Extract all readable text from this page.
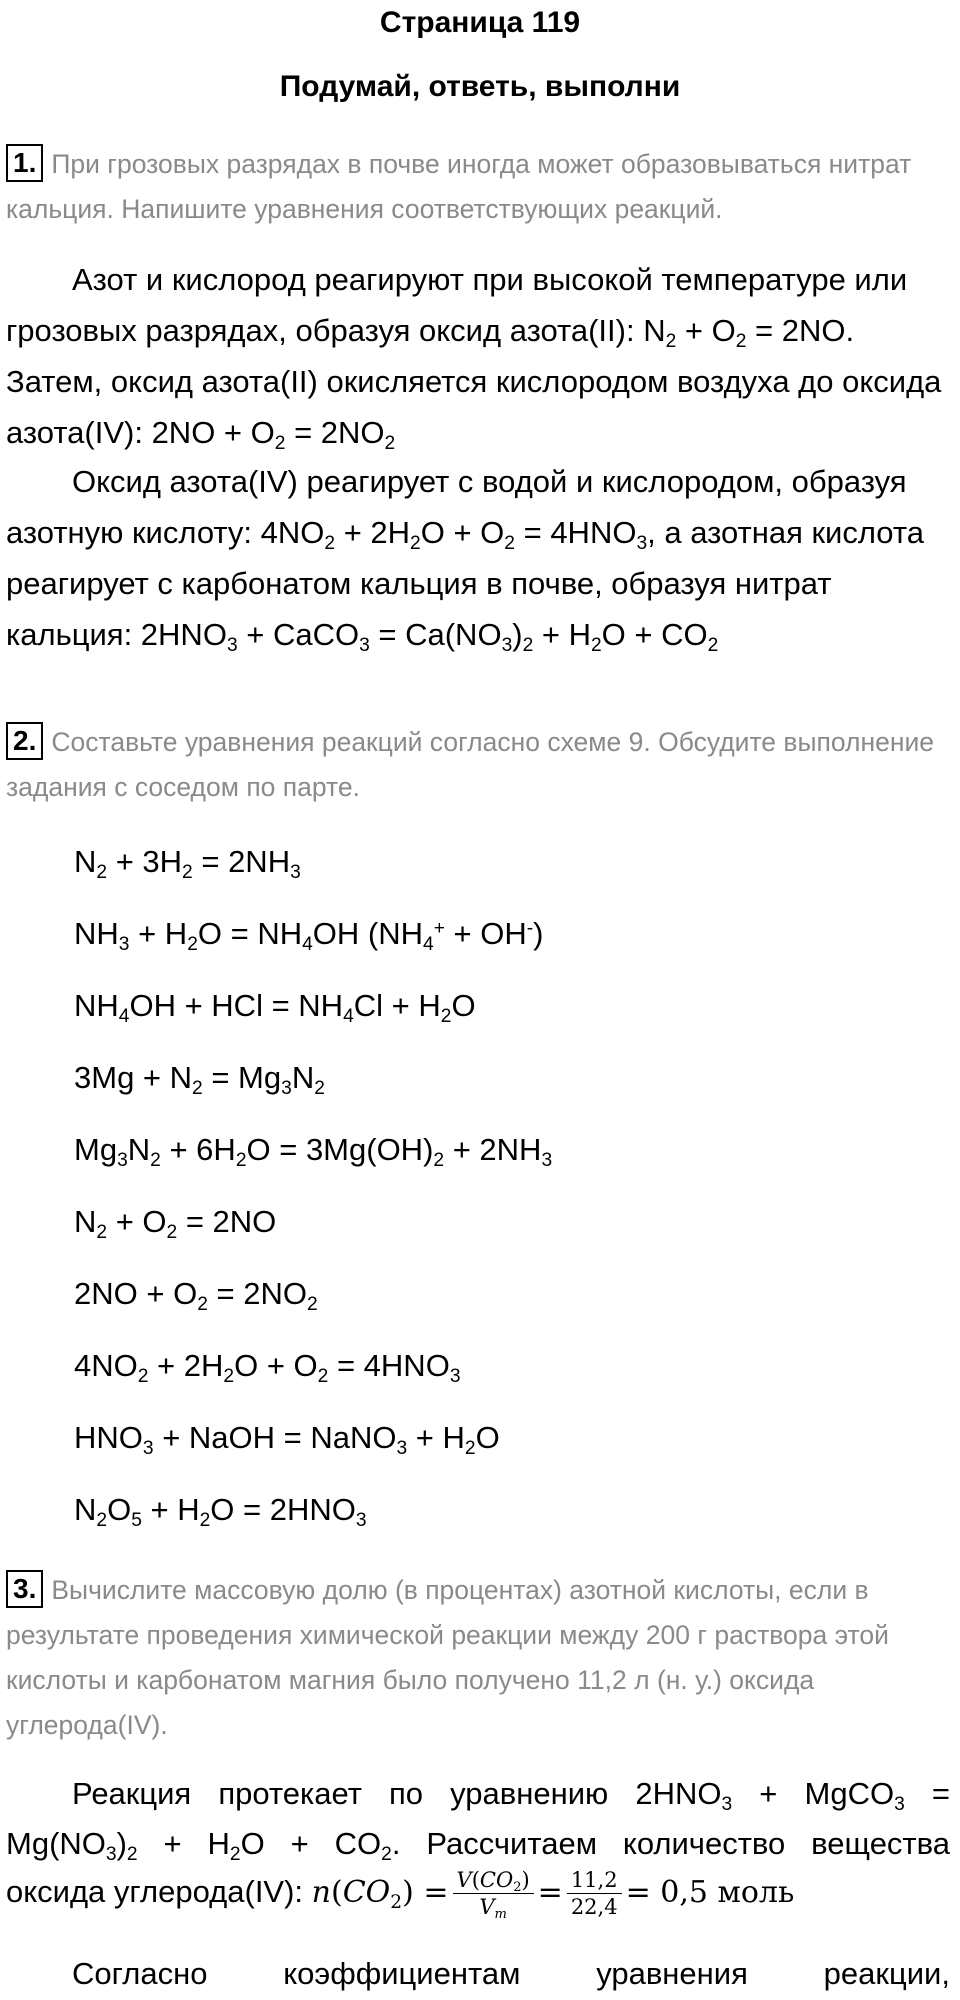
Страница 119
Подумай, ответь, выполни
1. При грозовых разрядах в почве иногда может образовываться нитрат кальция. Напишите уравнения соответствующих реакций.
Азот и кислород реагируют при высокой температуре или грозовых разрядах, образуя оксид азота(II): $N_2 + O_2 = 2NO$. Затем, оксид азота(II) окисляется кислородом воздуха до оксида азота(IV): $2NO + O_2 = 2NO_2$
Оксид азота(IV) реагирует с водой и кислородом, образуя азотную кислоту: $4NO_2 + 2H_2O + O_2 = 4HNO_3$, а азотная кислота реагирует с карбонатом кальция в почве, образуя нитрат кальция: $2HNO_3$ + CaCO$_3$ = $Ca(NO_3)_2 + H_2O + CO_2$
2. Составьте уравнения реакций согласно схеме 9. Обсудите выполнение задания с соседом по парте.
$N_2 + 3H_2 = 2NH_3$
$NH_3 + H_2O = NH_4OH$ $(NH_4^+ + OH^-)$
$NH_4OH$ + HCl = $NH_4Cl + H_2O$
$3Mg + N_2 = Mg_3N_2$
$Mg_3N_2 + 6H_2O = 3Mg(OH)_2 + 2NH_3$
$N_2 + O_2 = 2NO$
$2NO + O_2 = 2NO_2$
$4NO_2 + 2H_2O + O_2 = 4HNO_3$
$HNO_3$ + NaOH = NaNO$_3$ + $H_2O$
$N_2O_5 + H_2O = 2HNO_3$
3. Вычислите массовую долю (в процентах) азотной кислоты, если в результате проведения химической реакции между 200 г раствора этой кислоты и карбонатом магния было получено 11,2 л (н. у.) оксида углерода(IV).
Реакция протекает по уравнению $2HNO_3$ + MgCO$_3$ =
$Mg(NO_3)_2 + H_2O + CO_2$. Рассчитаем количество вещества
оксида углерода(IV): $n(CO_2) = \frac{V(CO_2)}{V_m} = \frac{11,2}{22,4} = 0,5$ моль
Согласно коэффициентам уравнения реакции,
